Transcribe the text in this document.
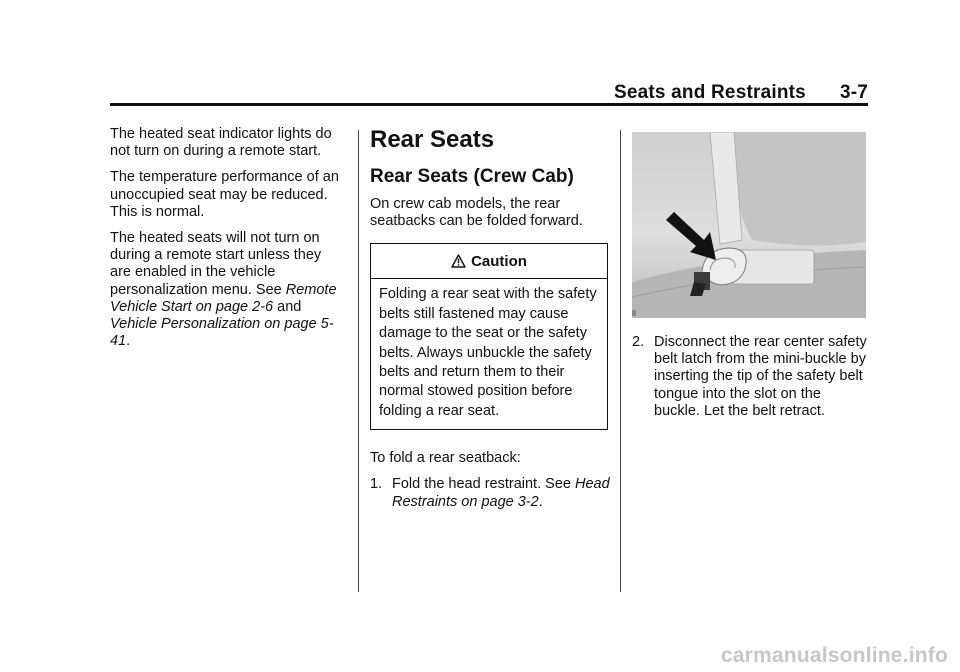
Seats and Restraints 3-7

The heated seat indicator lights do not turn on during a remote start.

The temperature performance of an unoccupied seat may be reduced. This is normal.

The heated seats will not turn on during a remote start unless they are enabled in the vehicle personalization menu. See Remote Vehicle Start on page 2-6 and Vehicle Personalization on page 5-41.

Rear Seats
Rear Seats (Crew Cab)

On crew cab models, the rear seatbacks can be folded forward.

Caution
Folding a rear seat with the safety belts still fastened may cause damage to the seat or the safety belts. Always unbuckle the safety belts and return them to their normal stowed position before folding a rear seat.

To fold a rear seatback:

1. Fold the head restraint. See Head Restraints on page 3-2.
2. Disconnect the rear center safety belt latch from the mini-buckle by inserting the tip of the safety belt tongue into the slot on the buckle. Let the belt retract.
carmanualsonline.info
